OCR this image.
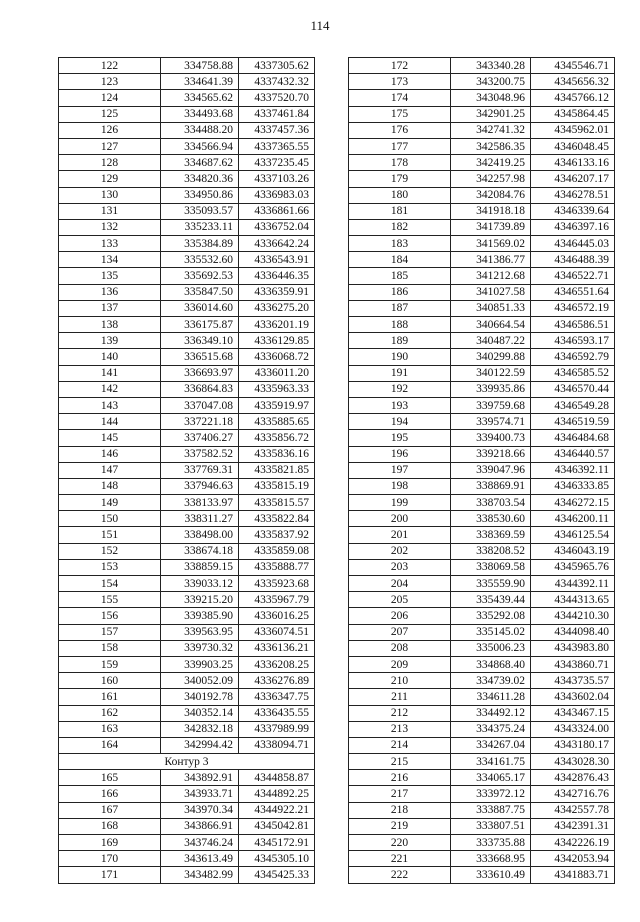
114
122	334758.88	4337305.62
123	334641.39	4337432.32
124	334565.62	4337520.70
125	334493.68	4337461.84
126	334488.20	4337457.36
127	334566.94	4337365.55
128	334687.62	4337235.45
129	334820.36	4337103.26
130	334950.86	4336983.03
131	335093.57	4336861.66
132	335233.11	4336752.04
133	335384.89	4336642.24
134	335532.60	4336543.91
135	335692.53	4336446.35
136	335847.50	4336359.91
137	336014.60	4336275.20
138	336175.87	4336201.19
139	336349.10	4336129.85
140	336515.68	4336068.72
141	336693.97	4336011.20
142	336864.83	4335963.33
143	337047.08	4335919.97
144	337221.18	4335885.65
145	337406.27	4335856.72
146	337582.52	4335836.16
147	337769.31	4335821.85
148	337946.63	4335815.19
149	338133.97	4335815.57
150	338311.27	4335822.84
151	338498.00	4335837.92
152	338674.18	4335859.08
153	338859.15	4335888.77
154	339033.12	4335923.68
155	339215.20	4335967.79
156	339385.90	4336016.25
157	339563.95	4336074.51
158	339730.32	4336136.21
159	339903.25	4336208.25
160	340052.09	4336276.89
161	340192.78	4336347.75
162	340352.14	4336435.55
163	342832.18	4337989.99
164	342994.42	4338094.71
Контур 3		
165	343892.91	4344858.87
166	343933.71	4344892.25
167	343970.34	4344922.21
168	343866.91	4345042.81
169	343746.24	4345172.91
170	343613.49	4345305.10
171	343482.99	4345425.33
172	343340.28	4345546.71
173	343200.75	4345656.32
174	343048.96	4345766.12
175	342901.25	4345864.45
176	342741.32	4345962.01
177	342586.35	4346048.45
178	342419.25	4346133.16
179	342257.98	4346207.17
180	342084.76	4346278.51
181	341918.18	4346339.64
182	341739.89	4346397.16
183	341569.02	4346445.03
184	341386.77	4346488.39
185	341212.68	4346522.71
186	341027.58	4346551.64
187	340851.33	4346572.19
188	340664.54	4346586.51
189	340487.22	4346593.17
190	340299.88	4346592.79
191	340122.59	4346585.52
192	339935.86	4346570.44
193	339759.68	4346549.28
194	339574.71	4346519.59
195	339400.73	4346484.68
196	339218.66	4346440.57
197	339047.96	4346392.11
198	338869.91	4346333.85
199	338703.54	4346272.15
200	338530.60	4346200.11
201	338369.59	4346125.54
202	338208.52	4346043.19
203	338069.58	4345965.76
204	335559.90	4344392.11
205	335439.44	4344313.65
206	335292.08	4344210.30
207	335145.02	4344098.40
208	335006.23	4343983.80
209	334868.40	4343860.71
210	334739.02	4343735.57
211	334611.28	4343602.04
212	334492.12	4343467.15
213	334375.24	4343324.00
214	334267.04	4343180.17
215	334161.75	4343028.30
216	334065.17	4342876.43
217	333972.12	4342716.76
218	333887.75	4342557.78
219	333807.51	4342391.31
220	333735.88	4342226.19
221	333668.95	4342053.94
222	333610.49	4341883.71
